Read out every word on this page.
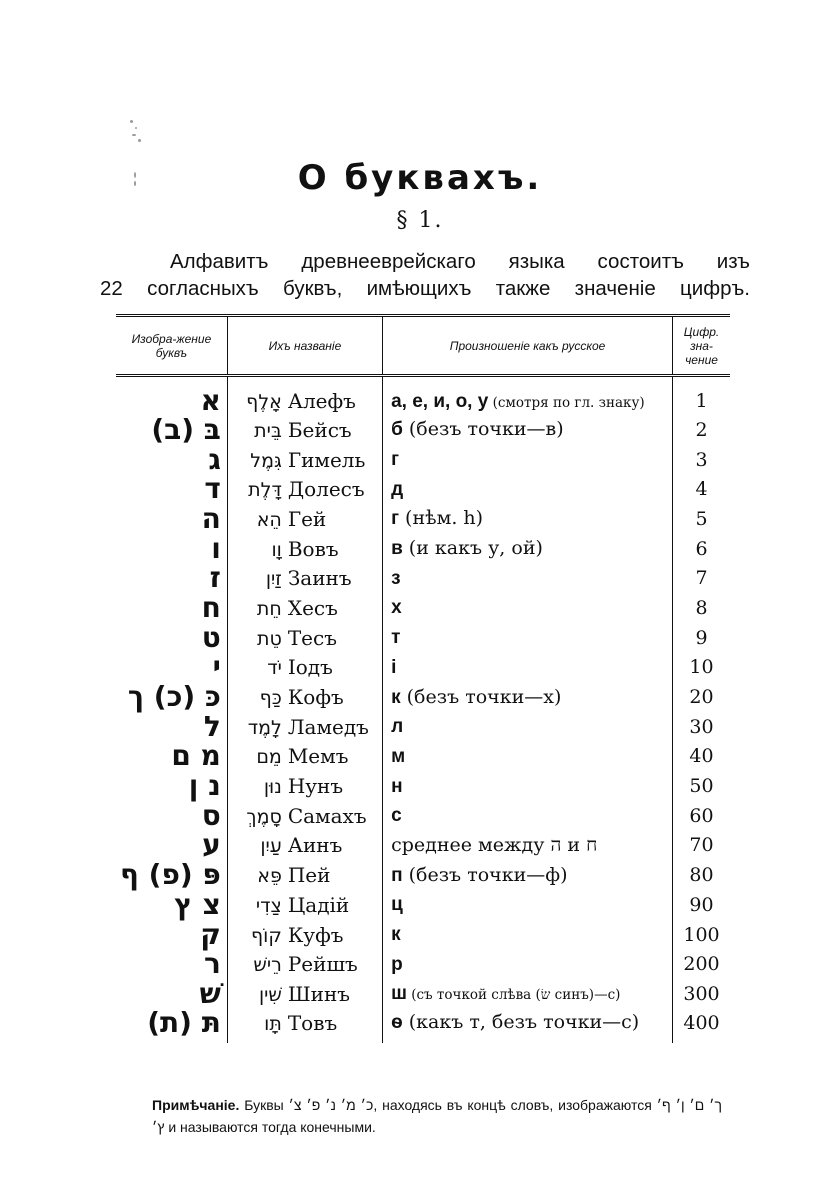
О буквахъ.
§ 1.
Алфавитъ древнееврейскаго языка состоитъ изъ
22 согласныхъ буквъ, имѣющихъ также значеніе цифръ.
Изобра-жение буквъ	Ихъ названіе	Произношеніе какъ русское	Цифр. зна-чение
א	אָלֶף Алефъ	а, е, и, о, у (смотря по гл. знаку)	1
בּ (ב)	בֵּית Бейсъ	б (безъ точки—в)	2
ג	גִּמֶל Гимель	г	3
ד	דָּלֶת Долесъ	д	4
ה	הֵא Гей	г (нѣм. h)	5
ו	וָו Вовъ	в (и какъ у, ой)	6
ז	זַיִן Заинъ	з	7
ח	חֵת Хесъ	х	8
ט	טֵת Тесъ	т	9
י	יֹד Іодъ	і	10
כּ (כ) ך	כַּף Кофъ	к (безъ точки—х)	20
ל	לָמֶד Ламедъ	л	30
מ ם	מֵם Мемъ	м	40
נ ן	נוּן Нунъ	н	50
ס	סָמֶךְ Самахъ	с	60
ע	עַיִן Аинъ	среднее между ה и ח	70
פּ (פ) ף	פֵּא Пей	п (безъ точки—ф)	80
צ ץ	צַדִי Цадій	ц	90
ק	קוֹף Куфъ	к	100
ר	רֵישׁ Рейшъ	р	200
שׁ	שִׁין Шинъ	ш (съ точкой слѣва (שׂ синъ)—с)	300
תּ (ת)	תָּו Товъ	ѳ (какъ т, безъ точки—с)	400
Примѣчаніе. Буквы כ׳ מ׳ נ׳ פ׳ צ׳, находясь въ концѣ словъ, изображаются ך׳ ם׳ ן׳ ף׳ ץ׳ и называются тогда конечными.
